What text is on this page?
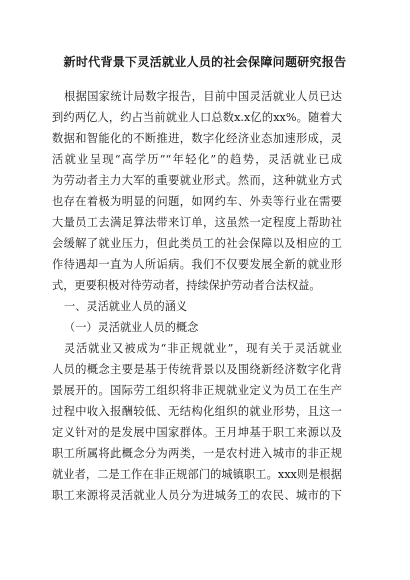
新时代背景下灵活就业人员的社会保障问题研究报告
根据国家统计局数字报告，目前中国灵活就业人员已达
到约两亿人，约占当前就业人口总数x.x亿的xx%。随着大
数据和智能化的不断推进，数字化经济业态加速形成，灵
活就业呈现“高学历”“年轻化”的趋势，灵活就业已成
为劳动者主力大军的重要就业形式。然而，这种就业方式
也存在着极为明显的问题，如网约车、外卖等行业在需要
大量员工去满足算法带来订单，这虽然一定程度上帮助社
会缓解了就业压力，但此类员工的社会保障以及相应的工
作待遇却一直为人所诟病。我们不仅要发展全新的就业形
式，更要积极对待劳动者，持续保护劳动者合法权益。
一、灵活就业人员的涵义
（一）灵活就业人员的概念
灵活就业又被成为“非正规就业”，现有关于灵活就业
人员的概念主要是基于传统背景以及围绕新经济数字化背
景展开的。国际劳工组织将非正规就业定义为员工在生产
过程中收入报酬较低、无结构化组织的就业形势，且这一
定义针对的是发展中国家群体。王月坤基于职工来源以及
职工所属将此概念分为两类，一是农村进入城市的非正规
就业者，二是工作在非正规部门的城镇职工。xxx则是根据
职工来源将灵活就业人员分为进城务工的农民、城市的下
